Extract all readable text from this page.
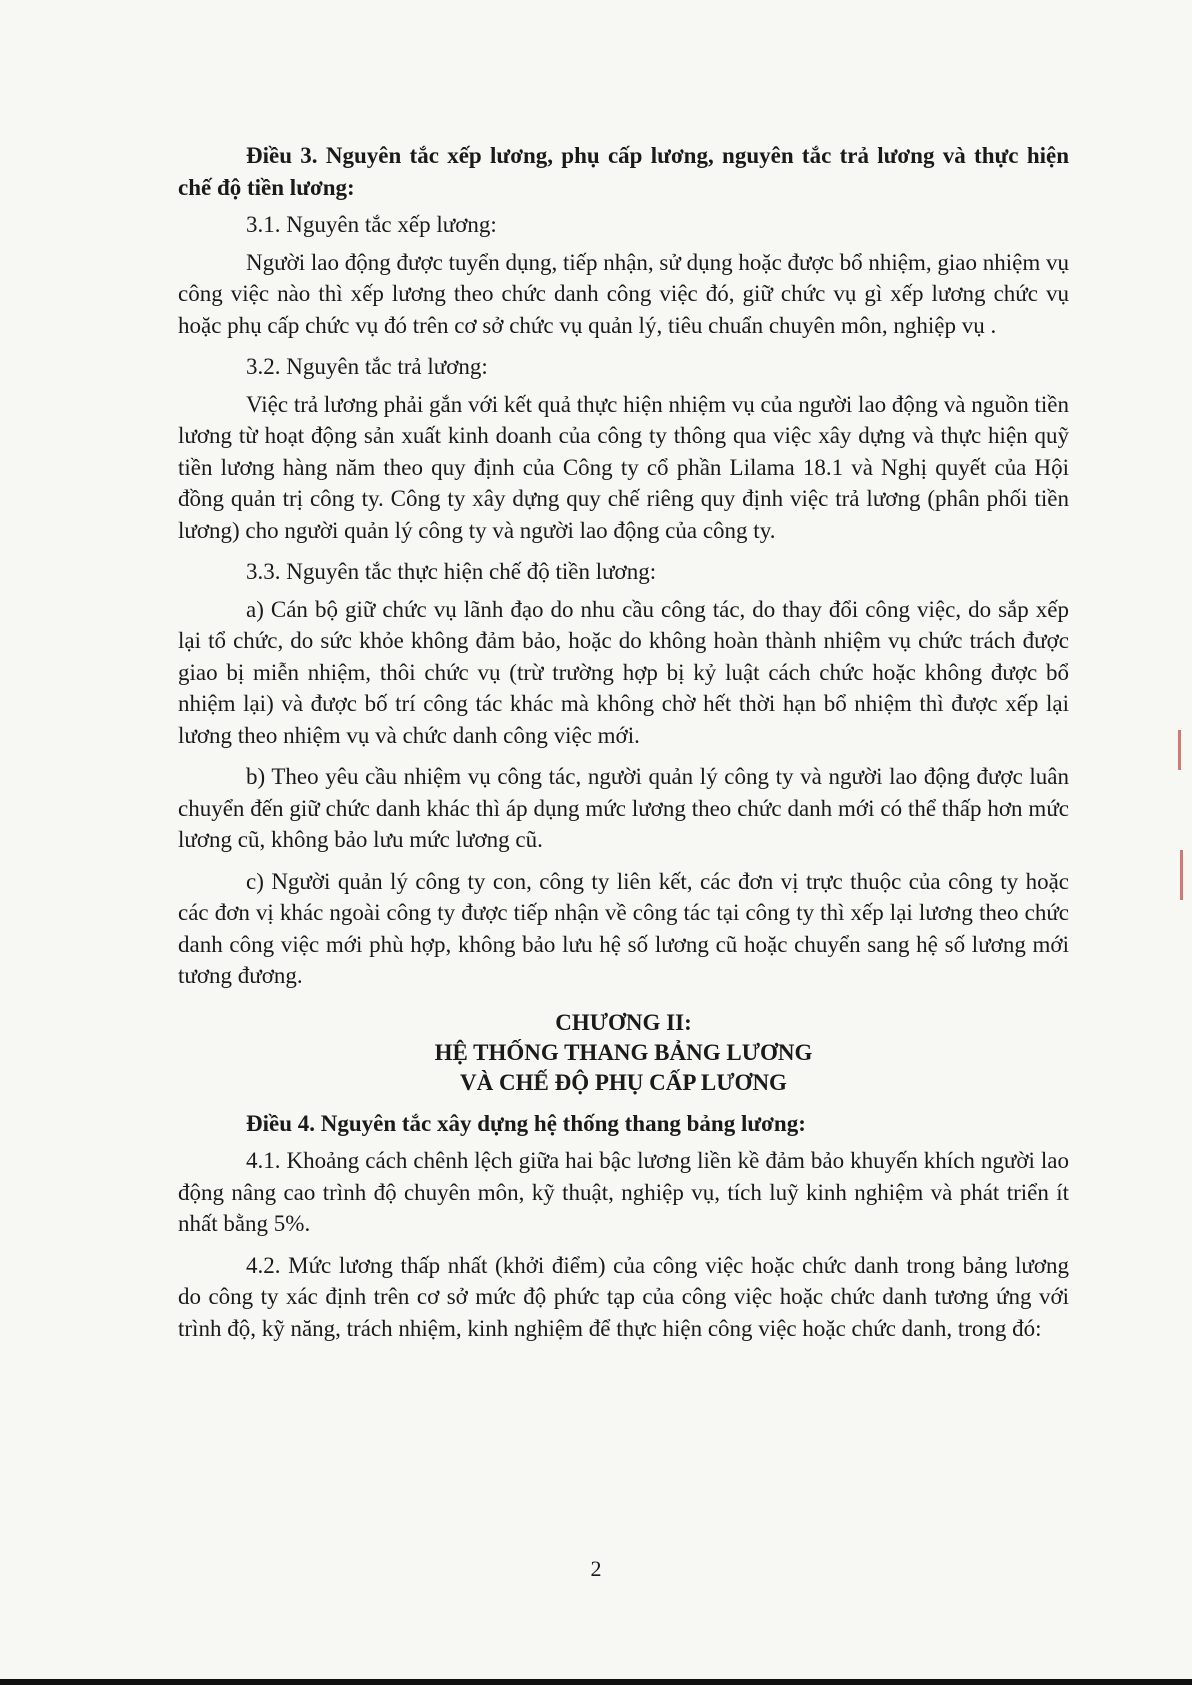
Điều 3. Nguyên tắc xếp lương, phụ cấp lương, nguyên tắc trả lương và thực hiện chế độ tiền lương:

3.1. Nguyên tắc xếp lương:

Người lao động được tuyển dụng, tiếp nhận, sử dụng hoặc được bổ nhiệm, giao nhiệm vụ công việc nào thì xếp lương theo chức danh công việc đó, giữ chức vụ gì xếp lương chức vụ hoặc phụ cấp chức vụ đó trên cơ sở chức vụ quản lý, tiêu chuẩn chuyên môn, nghiệp vụ .

3.2. Nguyên tắc trả lương:

Việc trả lương phải gắn với kết quả thực hiện nhiệm vụ của người lao động và nguồn tiền lương từ hoạt động sản xuất kinh doanh của công ty thông qua việc xây dựng và thực hiện quỹ tiền lương hàng năm theo quy định của Công ty cổ phần Lilama 18.1 và Nghị quyết của Hội đồng quản trị công ty. Công ty xây dựng quy chế riêng quy định việc trả lương (phân phối tiền lương) cho người quản lý công ty và người lao động của công ty.

3.3. Nguyên tắc thực hiện chế độ tiền lương:

a) Cán bộ giữ chức vụ lãnh đạo do nhu cầu công tác, do thay đổi công việc, do sắp xếp lại tổ chức, do sức khỏe không đảm bảo, hoặc do không hoàn thành nhiệm vụ chức trách được giao bị miễn nhiệm, thôi chức vụ (trừ trường hợp bị kỷ luật cách chức hoặc không được bổ nhiệm lại) và được bố trí công tác khác mà không chờ hết thời hạn bổ nhiệm thì được xếp lại lương theo nhiệm vụ và chức danh công việc mới.

b) Theo yêu cầu nhiệm vụ công tác, người quản lý công ty và người lao động được luân chuyển đến giữ chức danh khác thì áp dụng mức lương theo chức danh mới có thể thấp hơn mức lương cũ, không bảo lưu mức lương cũ.

c) Người quản lý công ty con, công ty liên kết, các đơn vị trực thuộc của công ty hoặc các đơn vị khác ngoài công ty được tiếp nhận về công tác tại công ty thì xếp lại lương theo chức danh công việc mới phù hợp, không bảo lưu hệ số lương cũ hoặc chuyển sang hệ số lương mới tương đương.

CHƯƠNG II:
HỆ THỐNG THANG BẢNG LƯƠNG
VÀ CHẾ ĐỘ PHỤ CẤP LƯƠNG

Điều 4. Nguyên tắc xây dựng hệ thống thang bảng lương:

4.1. Khoảng cách chênh lệch giữa hai bậc lương liền kề đảm bảo khuyến khích người lao động nâng cao trình độ chuyên môn, kỹ thuật, nghiệp vụ, tích luỹ kinh nghiệm và phát triển ít nhất bằng 5%.

4.2. Mức lương thấp nhất (khởi điểm) của công việc hoặc chức danh trong bảng lương do công ty xác định trên cơ sở mức độ phức tạp của công việc hoặc chức danh tương ứng với trình độ, kỹ năng, trách nhiệm, kinh nghiệm để thực hiện công việc hoặc chức danh, trong đó:

2
